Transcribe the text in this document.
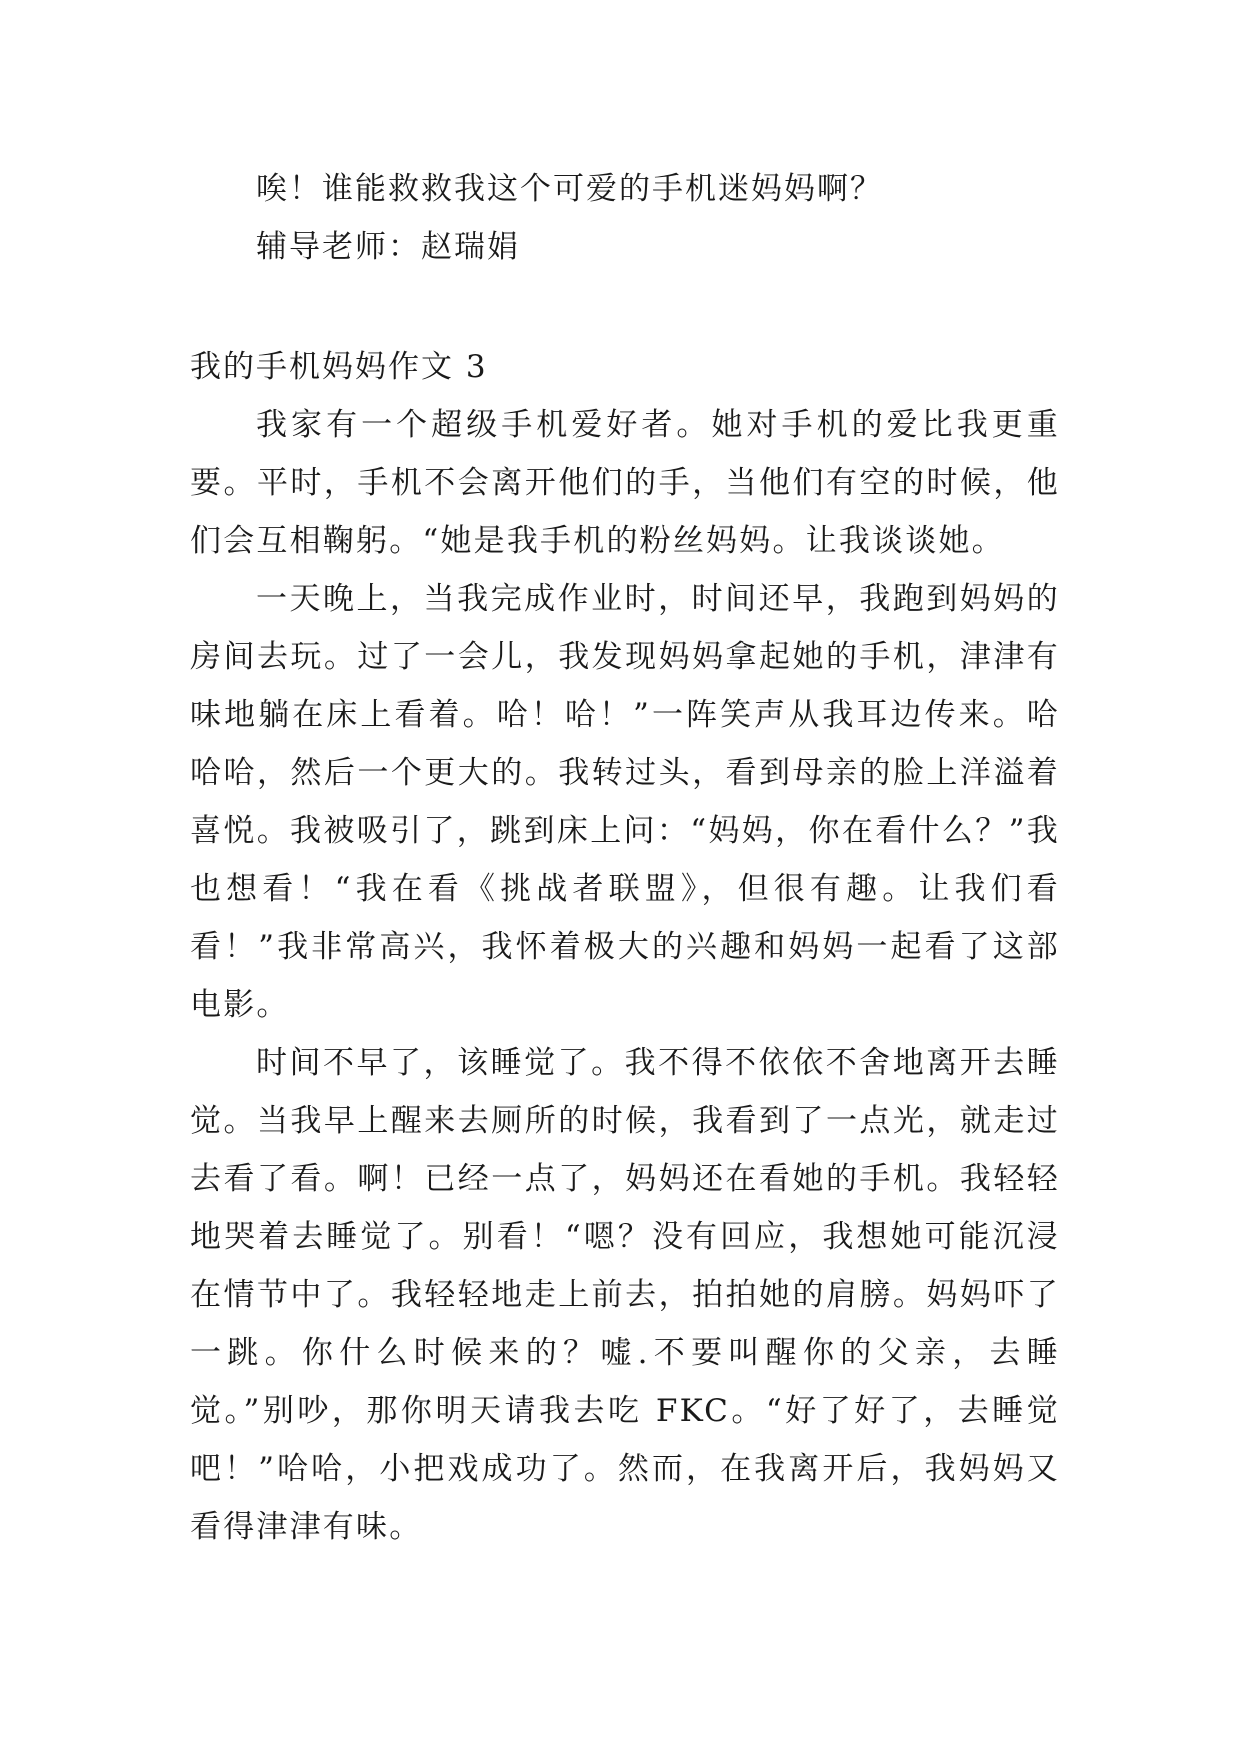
唉！谁能救救我这个可爱的手机迷妈妈啊？
辅导老师：赵瑞娟
我的手机妈妈作文 3

我家有一个超级手机爱好者。她对手机的爱比我更重要。平时，手机不会离开他们的手，当他们有空的时候，他们会互相鞠躬。“她是我手机的粉丝妈妈。让我谈谈她。

一天晚上，当我完成作业时，时间还早，我跑到妈妈的房间去玩。过了一会儿，我发现妈妈拿起她的手机，津津有味地躺在床上看着。哈！哈！”一阵笑声从我耳边传来。哈哈哈，然后一个更大的。我转过头，看到母亲的脸上洋溢着喜悦。我被吸引了，跳到床上问：“妈妈，你在看什么？”我也想看！“我在看《挑战者联盟》，但很有趣。让我们看看！”我非常高兴，我怀着极大的兴趣和妈妈一起看了这部电影。

时间不早了，该睡觉了。我不得不依依不舍地离开去睡觉。当我早上醒来去厕所的时候，我看到了一点光，就走过去看了看。啊！已经一点了，妈妈还在看她的手机。我轻轻地哭着去睡觉了。别看！“嗯？没有回应，我想她可能沉浸在情节中了。我轻轻地走上前去，拍拍她的肩膀。妈妈吓了一跳。你什么时候来的？嘘.不要叫醒你的父亲，去睡觉。”别吵，那你明天请我去吃 FKC。“好了好了，去睡觉吧！”哈哈，小把戏成功了。然而，在我离开后，我妈妈又看得津津有味。
